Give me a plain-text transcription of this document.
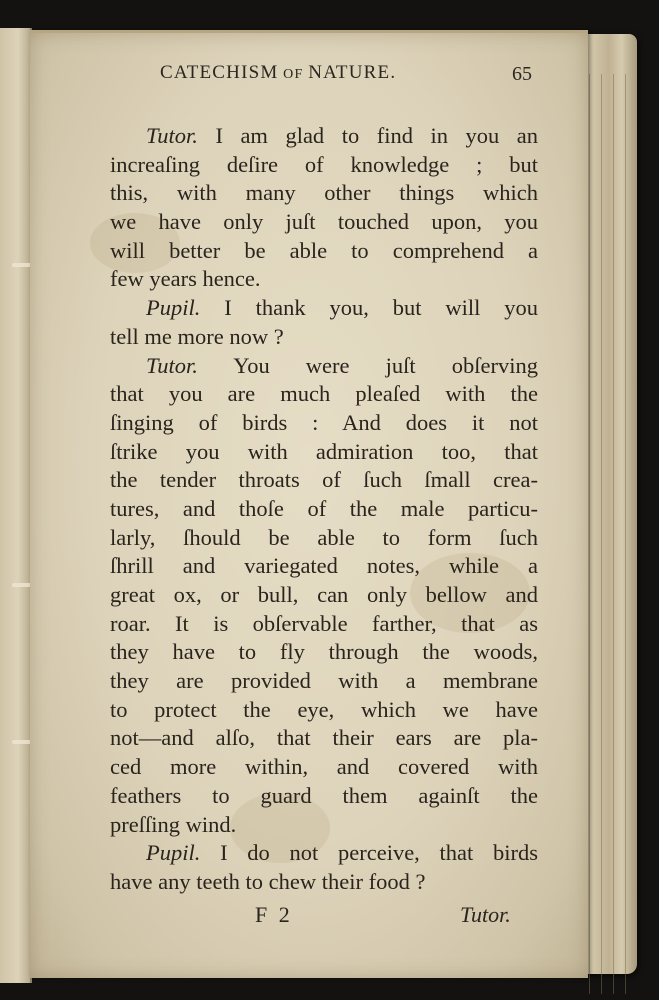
CATECHISM OF NATURE.	65
Tutor. I am glad to find in you an
increaſing deſire of knowledge ; but
this, with many other things which
we have only juſt touched upon, you
will better be able to comprehend a
few years hence.
Pupil. I thank you, but will you
tell me more now ?
Tutor. You were juſt obſerving
that you are much pleaſed with the
ſinging of birds : And does it not
ſtrike you with admiration too, that
the tender throats of ſuch ſmall crea-
tures, and thoſe of the male particu-
larly, ſhould be able to form ſuch
ſhrill and variegated notes, while a
great ox, or bull, can only bellow and
roar. It is obſervable farther, that as
they have to fly through the woods,
they are provided with a membrane
to protect the eye, which we have
not—and alſo, that their ears are pla-
ced more within, and covered with
feathers to guard them againſt the
preſſing wind.
Pupil. I do not perceive, that birds
have any teeth to chew their food ?
F 2	Tutor.
